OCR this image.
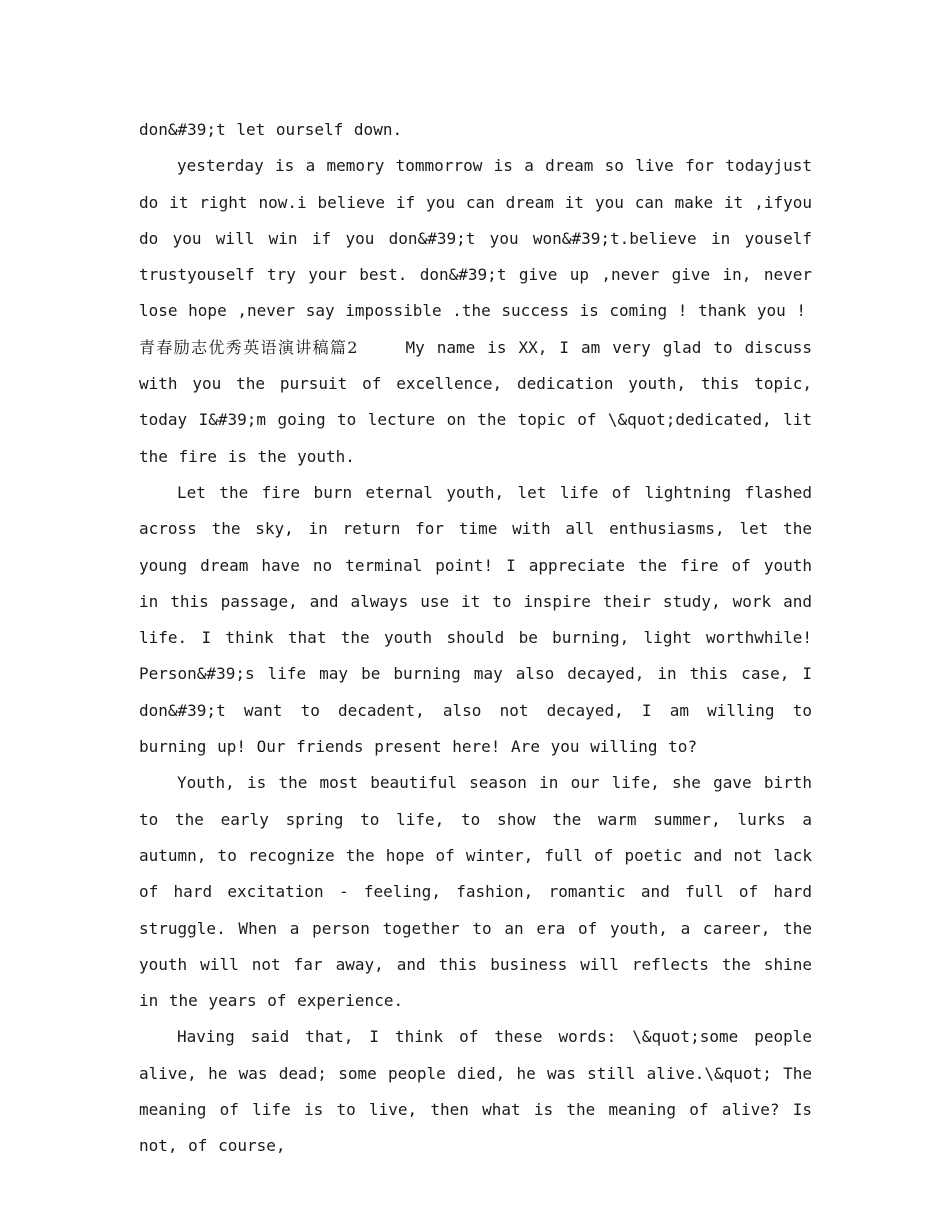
don&#39;t let ourself down.

yesterday is a memory tommorrow is a dream so live for todayjust do it right now.i believe if you can dream it you can make it ,ifyou do you will win if you don&#39;t you won&#39;t.believe in youself trustyouself try your best. don&#39;t give up ,never give in, never lose hope ,never say impossible .the success is coming ! thank you !

青春励志优秀英语演讲稿篇2	My name is XX, I am very glad to discuss with you the pursuit of excellence, dedication youth, this topic, today I&#39;m going to lecture on the topic of \&quot;dedicated, lit the fire is the youth.

Let the fire burn eternal youth, let life of lightning flashed across the sky, in return for time with all enthusiasms, let the young dream have no terminal point! I appreciate the fire of youth in this passage, and always use it to inspire their study, work and life. I think that the youth should be burning, light worthwhile! Person&#39;s life may be burning may also decayed, in this case, I don&#39;t want to decadent, also not decayed, I am willing to burning up! Our friends present here! Are you willing to?

Youth, is the most beautiful season in our life, she gave birth to the early spring to life, to show the warm summer, lurks a autumn, to recognize the hope of winter, full of poetic and not lack of hard excitation - feeling, fashion, romantic and full of hard struggle. When a person together to an era of youth, a career, the youth will not far away, and this business will reflects the shine in the years of experience.

Having said that, I think of these words: \&quot;some people alive, he was dead; some people died, he was still alive.\&quot; The meaning of life is to live, then what is the meaning of alive? Is not, of course,
